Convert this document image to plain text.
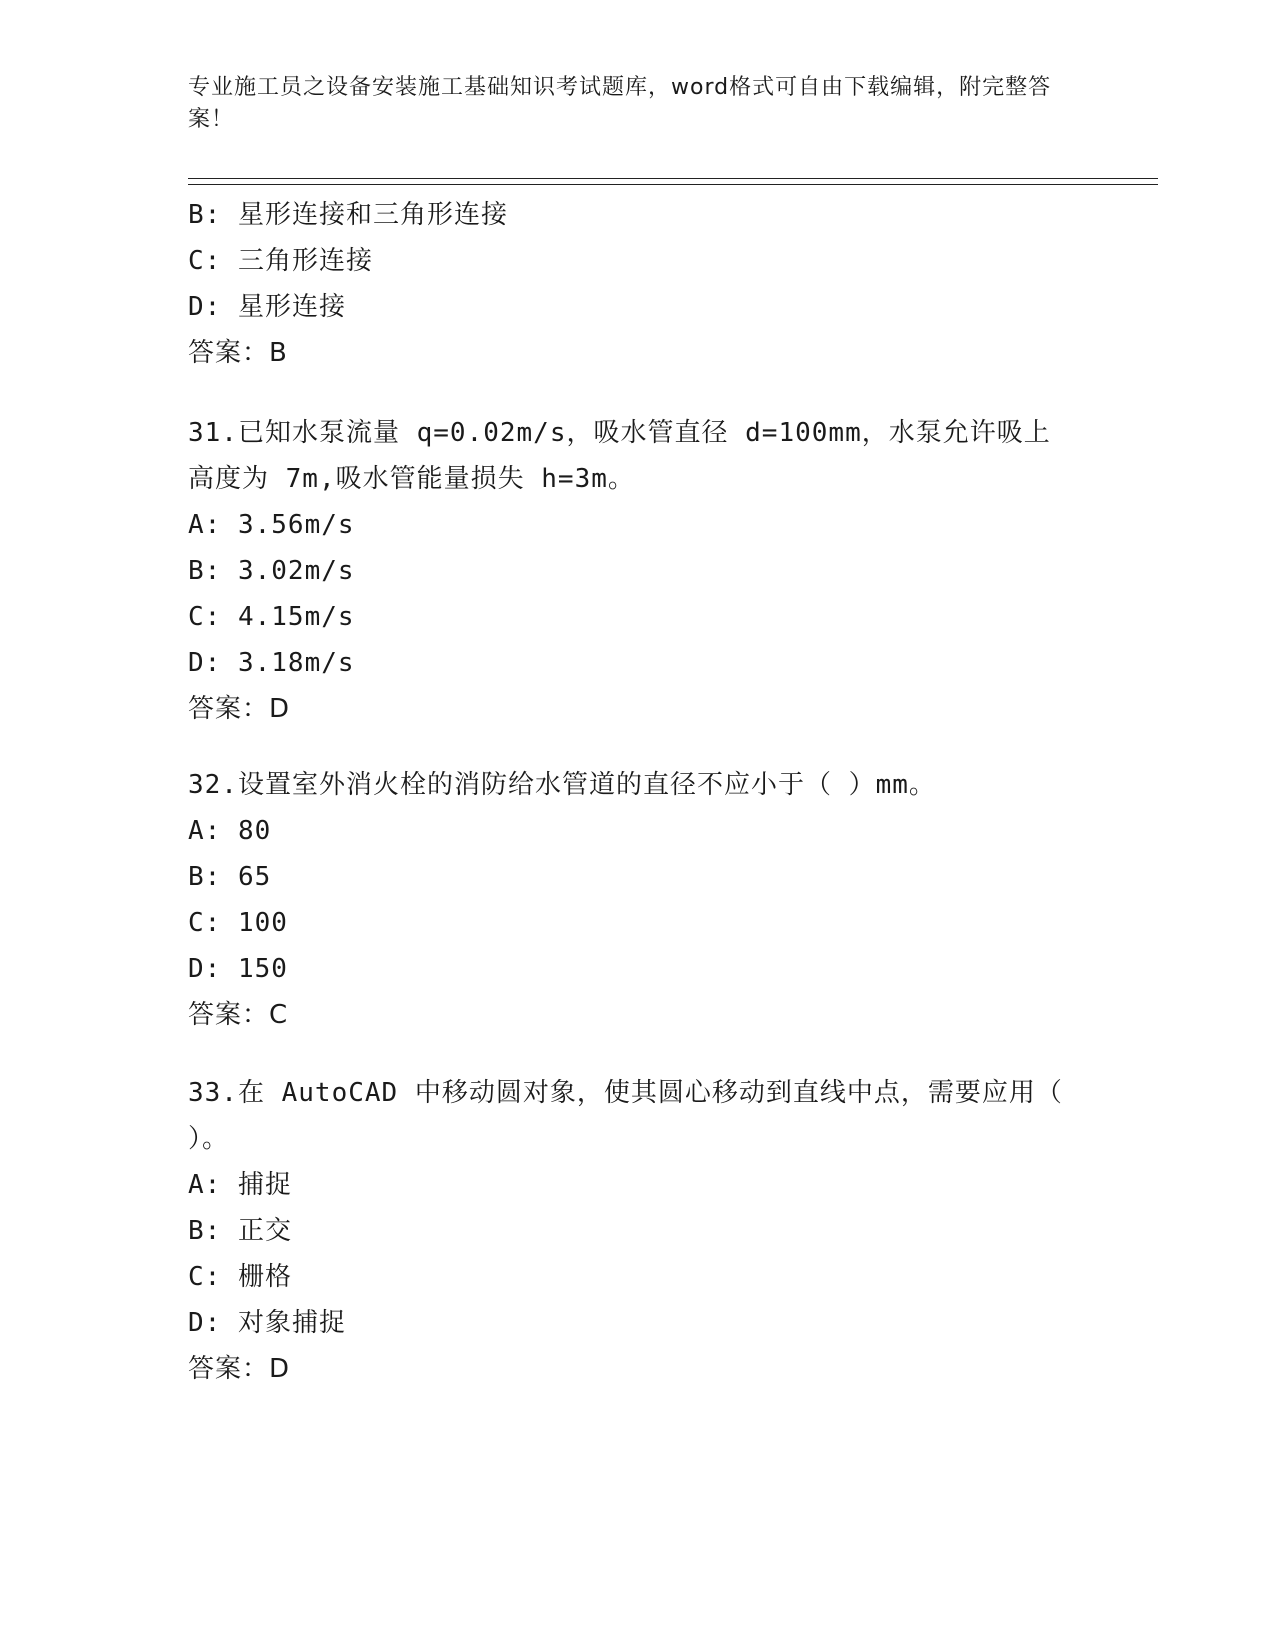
专业施工员之设备安装施工基础知识考试题库，word格式可自由下载编辑，附完整答案！
B: 星形连接和三角形连接
C: 三角形连接
D: 星形连接
答案：B
31.已知水泵流量 q=0.02m/s，吸水管直径 d=100mm，水泵允许吸上高度为 7m,吸水管能量损失 h=3m。
A: 3.56m/s
B: 3.02m/s
C: 4.15m/s
D: 3.18m/s
答案：D
32.设置室外消火栓的消防给水管道的直径不应小于（ ）mm。
A: 80
B: 65
C: 100
D: 150
答案：C
33.在 AutoCAD 中移动圆对象，使其圆心移动到直线中点，需要应用（ ）。
A: 捕捉
B: 正交
C: 栅格
D: 对象捕捉
答案：D
